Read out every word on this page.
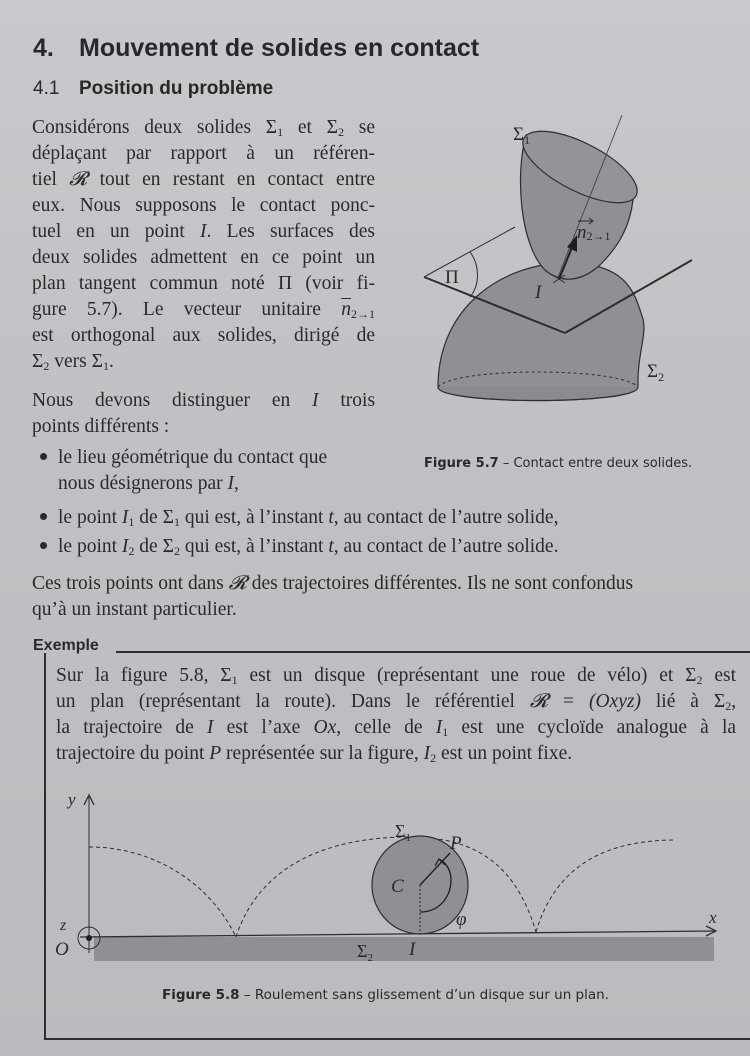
4. Mouvement de solides en contact
4.1 Position du problème
Considérons deux solides $\Sigma_1$ et $\Sigma_2$ se
déplaçant par rapport à un référen-
tiel 𝓡 tout en restant en contact entre
eux. Nous supposons le contact ponc-
tuel en un point I. Les surfaces des
deux solides admettent en ce point un
plan tangent commun noté Π (voir fi-
gure 5.7). Le vecteur unitaire $\overline{n}_{2\to 1}$
est orthogonal aux solides, dirigé de
$\Sigma_2$ vers $\Sigma_1$.
Nous devons distinguer en I trois
points différents :
le lieu géométrique du contact que
nous désignerons par I,
le point $I_1$ de $\Sigma_1$ qui est, à l’instant t, au contact de l’autre solide,
le point $I_2$ de $\Sigma_2$ qui est, à l’instant t, au contact de l’autre solide.
Ces trois points ont dans 𝓡 des trajectoires différentes. Ils ne sont confondus
qu’à un instant particulier.
$\Sigma_1$
$\Sigma_2$
Π
I
n2→1
Figure 5.7 – Contact entre deux solides.
Exemple
Sur la figure 5.8, $\Sigma_1$ est un disque (représentant une roue de vélo) et $\Sigma_2$ est
un plan (représentant la route). Dans le référentiel 𝓡 = (Oxyz) lié à $\Sigma_2$,
la trajectoire de I est l’axe Ox, celle de $I_1$ est une cycloïde analogue à la
trajectoire du point P représentée sur la figure, $I_2$ est un point fixe.
y
x
z
O
C
P
I
φ
$\Sigma_1$
$\Sigma_2$
Figure 5.8 – Roulement sans glissement d’un disque sur un plan.
